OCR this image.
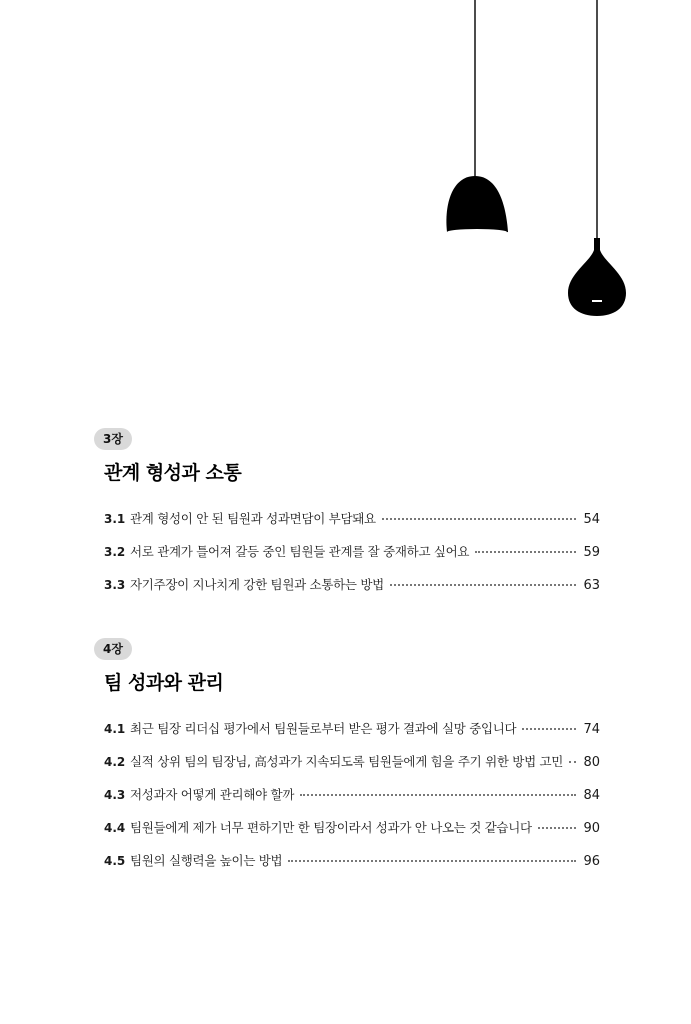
3장
관계 형성과 소통
3.1 관계 형성이 안 된 팀원과 성과면담이 부담돼요	54
3.2 서로 관계가 틀어져 갈등 중인 팀원들 관계를 잘 중재하고 싶어요	59
3.3 자기주장이 지나치게 강한 팀원과 소통하는 방법	63
4장
팀 성과와 관리
4.1 최근 팀장 리더십 평가에서 팀원들로부터 받은 평가 결과에 실망 중입니다	74
4.2 실적 상위 팀의 팀장님, 高성과가 지속되도록 팀원들에게 힘을 주기 위한 방법 고민 80
4.3 저성과자 어떻게 관리해야 할까	84
4.4 팀원들에게 제가 너무 편하기만 한 팀장이라서 성과가 안 나오는 것 같습니다	90
4.5 팀원의 실행력을 높이는 방법	96
